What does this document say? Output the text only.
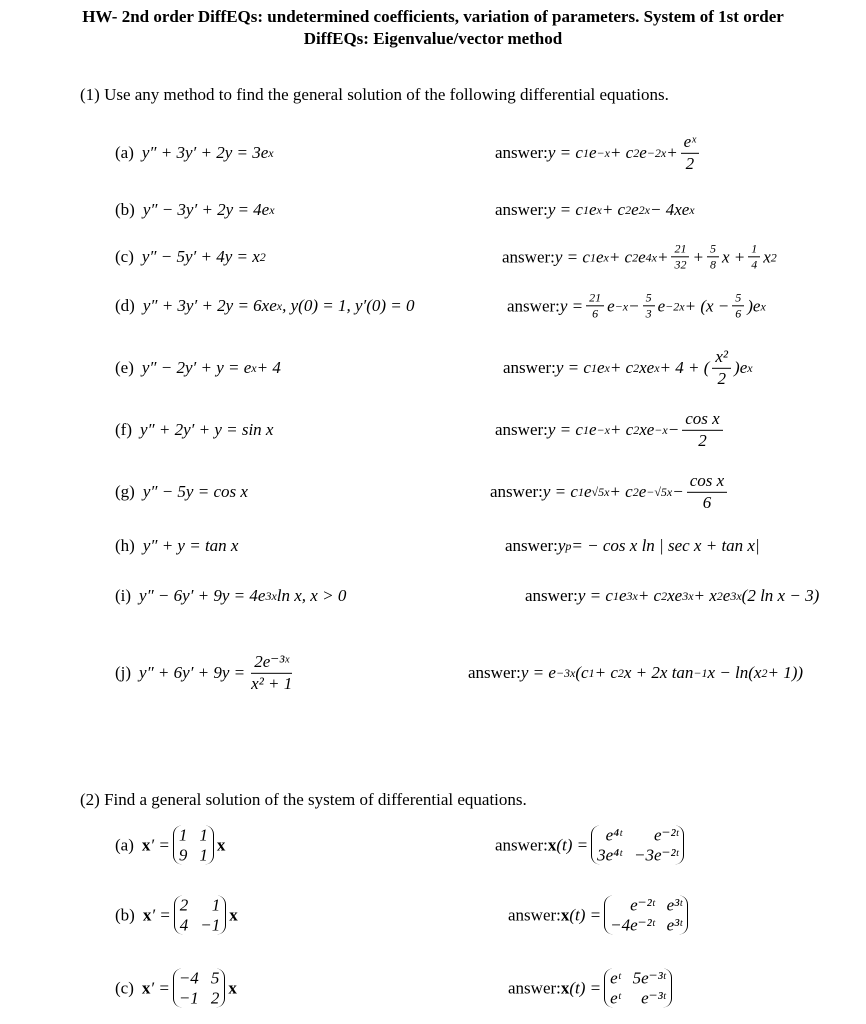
HW- 2nd order DiffEQs: undetermined coefficients, variation of parameters. System of 1st order
DiffEQs: Eigenvalue/vector method
(1) Use any method to find the general solution of the following differential equations.
(2) Find a general solution of the system of differential equations.
(a) y″ + 3y′ + 2y = 3e x	answer: y = c 1 e −x + c 2 $e -2x + \frac{\text{eˣ}}{2}$
(b) y″ − 3y′ + 2y = 4e x	answer: y = c 1 e x + c 2 e 2x − 4xe x
(c) y″ − 5y′ + 4y = x 2	answer: y = c 1 e x + c 2 e $4x + \frac{21}{32} + \frac{5}{8}$ $x + \frac{1}{4}$ x 2
(d) y″ + 3y′ + 2y = 6xe x , y(0) = 1, y′(0) = 0	answer: $y = \frac{21}{6}$ $e -x - \frac{5}{3}$ $e -2x + (x - \frac{5}{6} )e$ x
(e) y″ − 2y′ + y = e x + 4	answer: y = c 1 e x + c 2 xe x + 4 + ( $\frac{\text{x²}}{2} )e$ x
(f) y″ + 2y′ + y = sin x	answer: y = c 1 e −x + c 2 xe $-x - \frac{\text{cos x}}{2}$
(g) y″ − 5y = cos x	answer: y = c 1 e √5x + c 2 $e -√5x - \frac{\text{cos x}}{6}$
(h) y″ + y = tan x	answer: y p = − cos x ln | sec x + tan x|
(i) y″ − 6y′ + 9y = 4e 3x ln x, x > 0	answer: y = c 1 e 3x + c 2 xe 3x + x 2 e 3x (2 ln x − 3)
(j) $y'' + 6y' + 9y = \frac{\text{2e⁻³ˣ}}{\text{x² + 1}}$	answer: y = e −3x (c 1 + c 2 x + 2x tan −1 x − ln(x 2 + 1))
(a) x ′ =
1 1
9 1
x	answer: x (t) =
e⁴ᵗ	e⁻²ᵗ
3e⁴ᵗ −3e⁻²ᵗ
(b) x ′ =
2	1
4 −1
x	answer: x (t) =
e⁻²ᵗ e³ᵗ
−4e⁻²ᵗ e³ᵗ
(c) x ′ =
−4 5
−1 2
x	answer: x (t) =
eᵗ 5e⁻³ᵗ
eᵗ	e⁻³ᵗ
